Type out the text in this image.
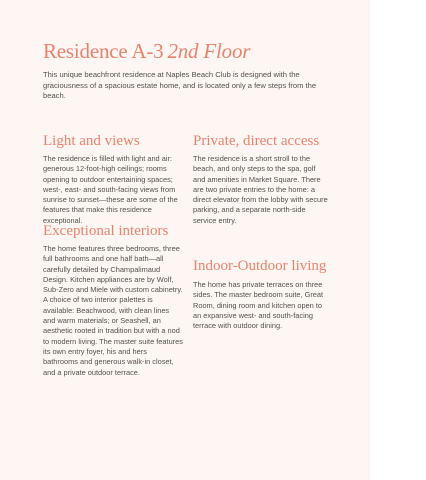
Residence A-3 2nd Floor

This unique beachfront residence at Naples Beach Club is designed with the graciousness of a spacious estate home, and is located only a few steps from the beach.

Light and views

The residence is filled with light and air: generous 12-foot-high ceilings; rooms opening to outdoor entertaining spaces; west-, east- and south-facing views from sunrise to sunset—these are some of the features that make this residence exceptional.

Private, direct access

The residence is a short stroll to the beach, and only steps to the spa, golf and amenities in Market Square. There are two private entries to the home: a direct elevator from the lobby with secure parking, and a separate north-side service entry.

Exceptional interiors

The home features three bedrooms, three full bathrooms and one half bath—all carefully detailed by Champalimaud Design. Kitchen appliances are by Wolf, Sub-Zero and Miele with custom cabinetry. A choice of two interior palettes is available: Beachwood, with clean lines and warm materials; or Seashell, an aesthetic rooted in tradition but with a nod to modern living. The master suite features its own entry foyer, his and hers bathrooms and generous walk-in closet, and a private outdoor terrace.

Indoor-Outdoor living

The home has private terraces on three sides. The master bedroom suite, Great Room, dining room and kitchen open to an expansive west- and south-facing terrace with outdoor dining.
